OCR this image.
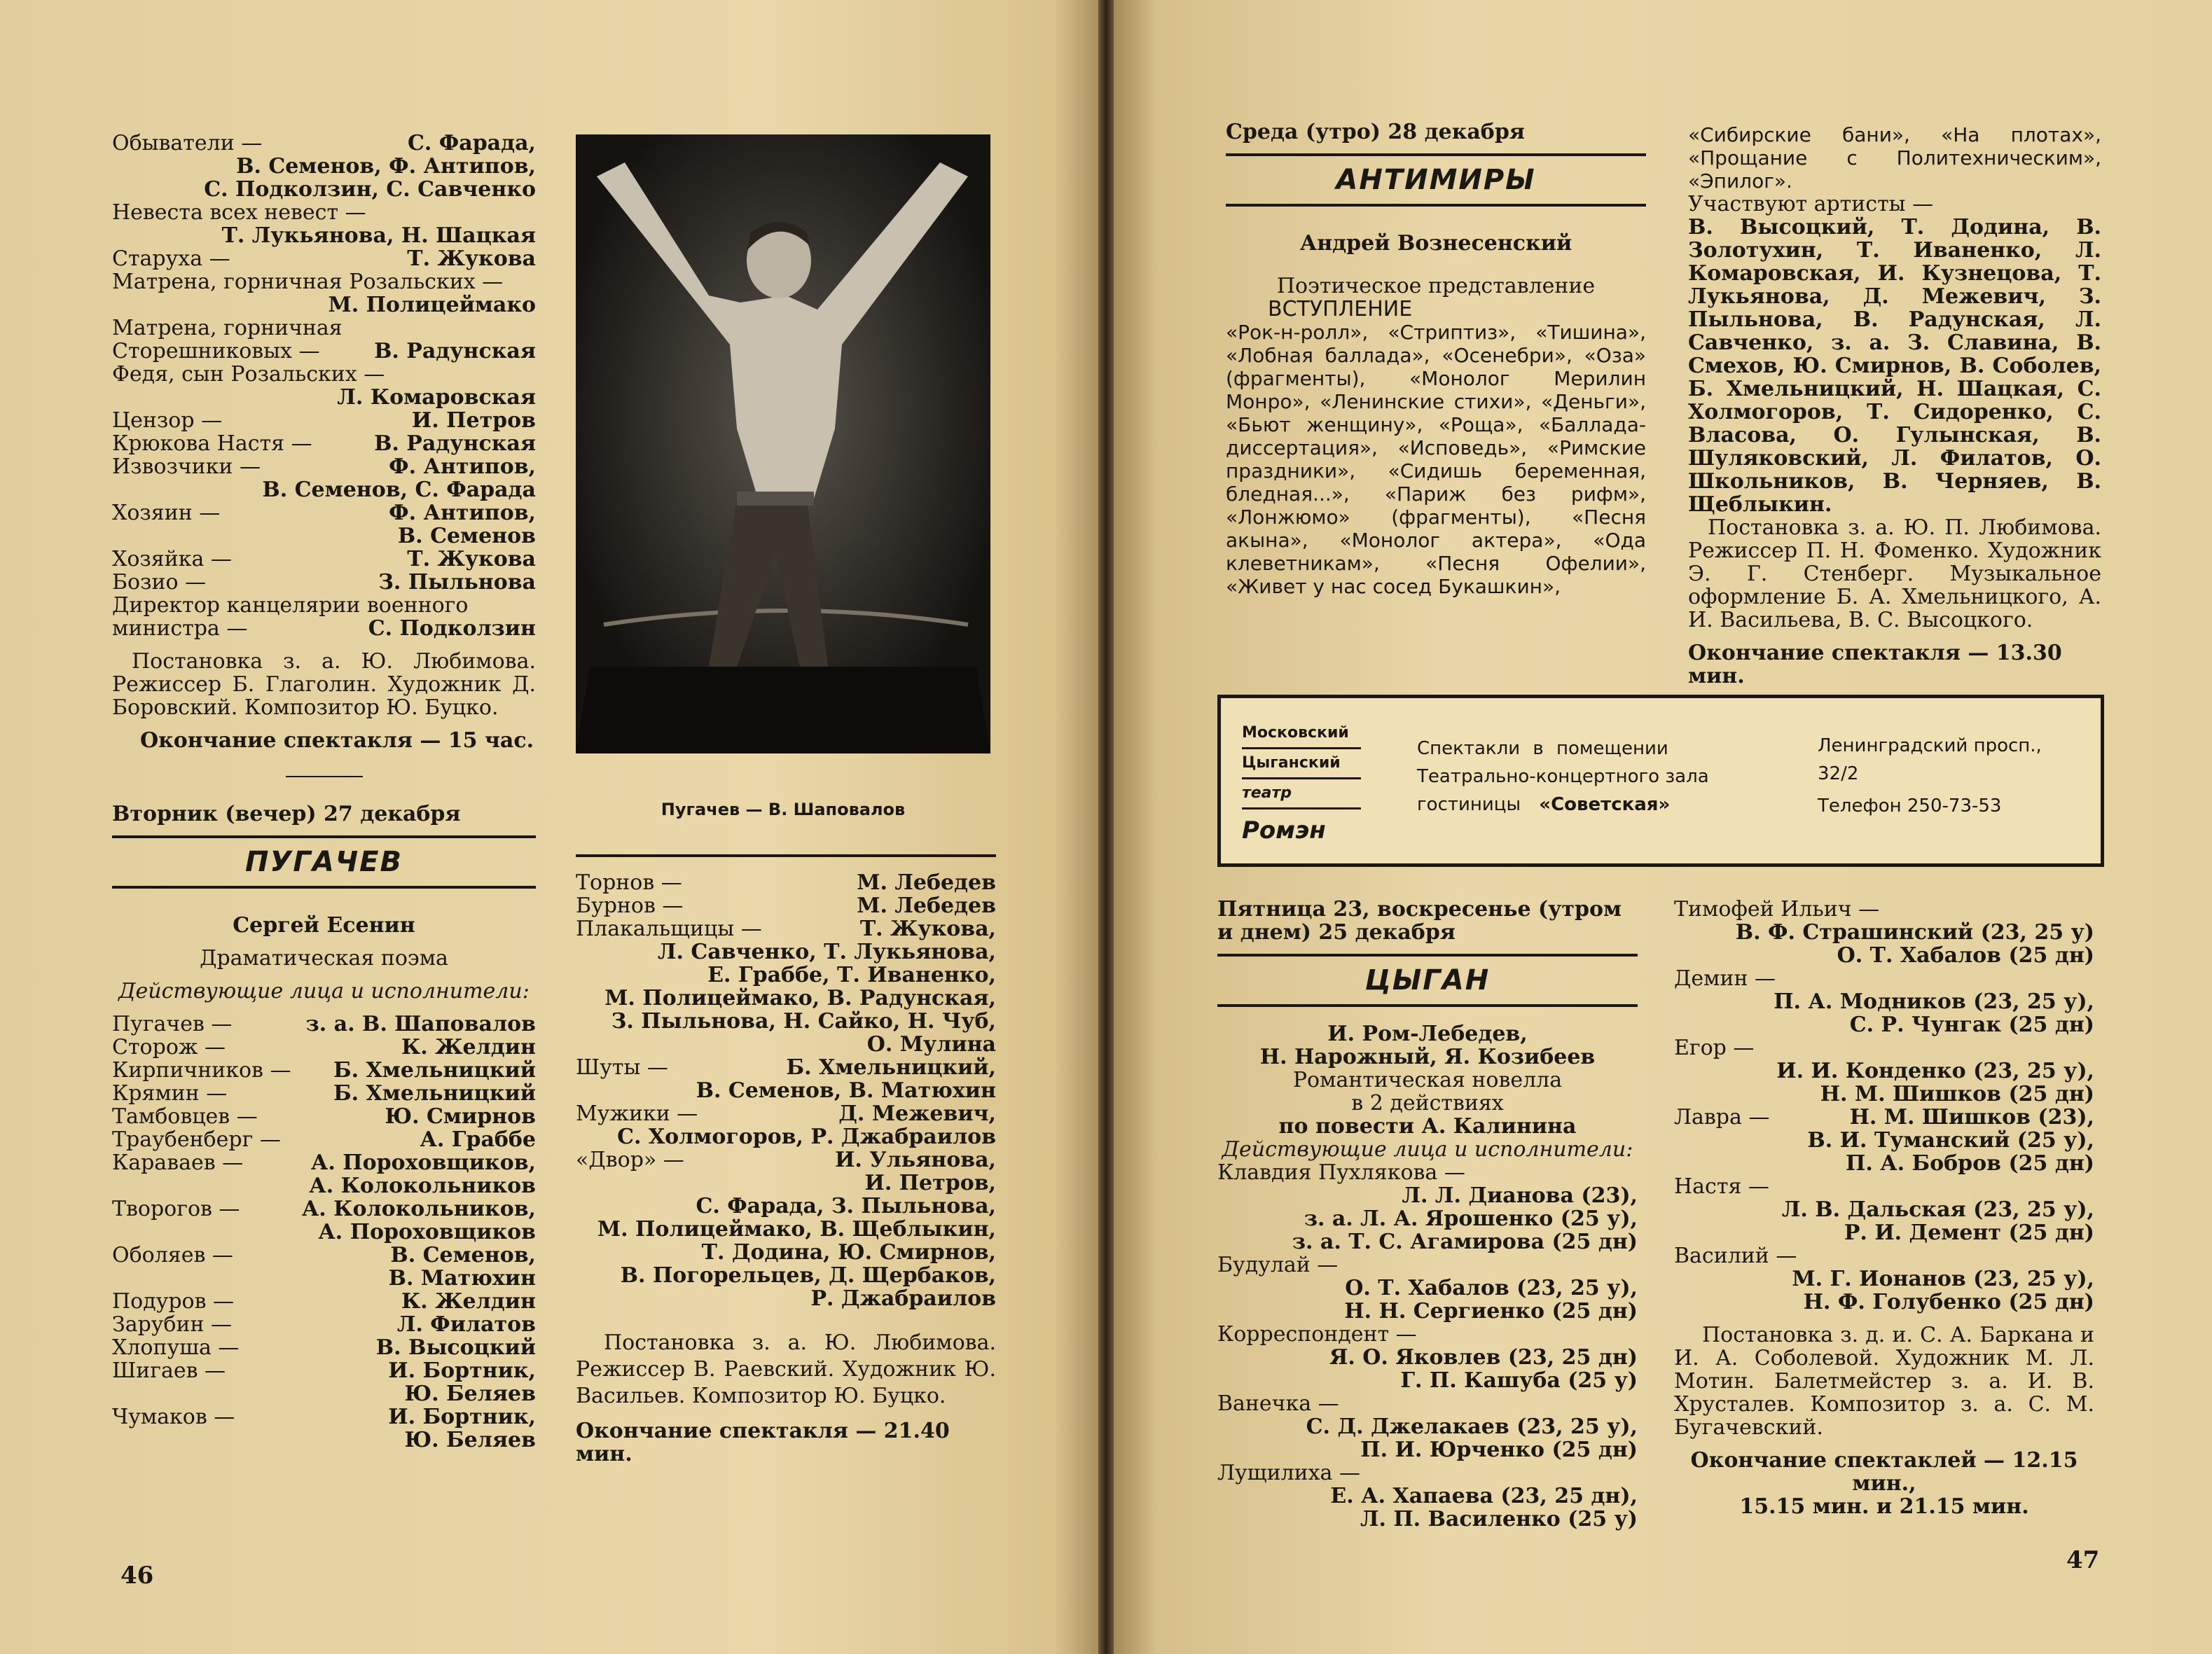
Обыватели —	С. Фарада,
В. Семенов, Ф. Антипов,
С. Подколзин, С. Савченко
Невеста всех невест —
Т. Лукьянова, Н. Шацкая
Старуха —	Т. Жукова
Матрена, горничная Розальских —
М. Полицеймако
Матрена, горничная
Сторешниковых —	В. Радунская
Федя, сын Розальских —
Л. Комаровская
Цензор —	И. Петров
Крюкова Настя —	В. Радунская
Извозчики —	Ф. Антипов,
В. Семенов, С. Фарада
Хозяин —	Ф. Антипов,
В. Семенов
Хозяйка —	Т. Жукова
Бозио —	З. Пыльнова
Директор канцелярии военного
министра —	С. Подколзин
Постановка з. а. Ю. Любимова. Режиссер Б. Глаголин. Художник Д. Боровский. Композитор Ю. Буцко.
Окончание спектакля — 15 час.
Вторник (вечер) 27 декабря
ПУГАЧЕВ
Сергей Есенин
Драматическая поэма
Действующие лица и исполнители:
Пугачев —	з. а. В. Шаповалов
Сторож —	К. Желдин
Кирпичников — Б. Хмельницкий
Крямин —	Б. Хмельницкий
Тамбовцев —	Ю. Смирнов
Траубенберг —	А. Граббе
Караваев —	А. Пороховщиков,
А. Колокольников
Творогов —	А. Колокольников,
А. Пороховщиков
Оболяев —	В. Семенов,
В. Матюхин
Подуров —	К. Желдин
Зарубин —	Л. Филатов
Хлопуша —	В. Высоцкий
Шигаев —	И. Бортник,
Ю. Беляев
Чумаков —	И. Бортник,
Ю. Беляев
Пугачев — В. Шаповалов
Торнов —	М. Лебедев
Бурнов —	М. Лебедев
Плакальщицы —	Т. Жукова,
Л. Савченко, Т. Лукьянова,
Е. Граббе, Т. Иваненко,
М. Полицеймако, В. Радунская,
З. Пыльнова, Н. Сайко, Н. Чуб,
О. Мулина
Шуты —	Б. Хмельницкий,
В. Семенов, В. Матюхин
Мужики —	Д. Межевич,
С. Холмогоров, Р. Джабраилов
«Двор» —	И. Ульянова,
И. Петров,
С. Фарада, З. Пыльнова,
М. Полицеймако, В. Щеблыкин,
Т. Додина, Ю. Смирнов,
В. Погорельцев, Д. Щербаков,
Р. Джабраилов
Постановка з. а. Ю. Любимова. Режиссер В. Раевский. Художник Ю. Васильев. Композитор Ю. Буцко.
Окончание спектакля — 21.40 мин.
46
Среда (утро) 28 декабря
АНТИМИРЫ
Андрей Вознесенский
Поэтическое представление
ВСТУПЛЕНИЕ
«Рок-н-ролл», «Стриптиз», «Тишина», «Лобная баллада», «Осенебри», «Оза» (фрагменты), «Монолог Мерилин Монро», «Ленинские стихи», «Деньги», «Бьют женщину», «Роща», «Баллада-диссертация», «Исповедь», «Римские праздники», «Сидишь беременная, бледная...», «Париж без рифм», «Лонжюмо» (фрагменты), «Песня акына», «Монолог актера», «Ода клеветникам», «Песня Офелии», «Живет у нас сосед Букашкин»,
«Сибирские бани», «На плотах», «Прощание с Политехническим», «Эпилог».
Участвуют артисты —
В. Высоцкий, Т. Додина, В. Золотухин, Т. Иваненко, Л. Комаровская, И. Кузнецова, Т. Лукьянова, Д. Межевич, З. Пыльнова, В. Радунская, Л. Савченко, з. а. З. Славина, В. Смехов, Ю. Смирнов, В. Соболев, Б. Хмельницкий, Н. Шацкая, С. Холмогоров, Т. Сидоренко, С. Власова, О. Гулынская, В. Шуляковский, Л. Филатов, О. Школьников, В. Черняев, В. Щеблыкин.
Постановка з. а. Ю. П. Любимова. Режиссер П. Н. Фоменко. Художник Э. Г. Стенберг. Музыкальное оформление Б. А. Хмельницкого, А. И. Васильева, В. С. Высоцкого.
Окончание спектакля — 13.30 мин.
Московский
Цыганский
театр
Ромэн
Спектакли в помещении
Театрально-концертного зала
гостиницы «Советская»
Ленинградский просп.,
32/2
Телефон 250-73-53
Пятница 23, воскресенье (утром и днем) 25 декабря
ЦЫГАН
И. Ром-Лебедев,
Н. Нарожный, Я. Козибеев
Романтическая новелла
в 2 действиях
по повести А. Калинина
Действующие лица и исполнители:
Клавдия Пухлякова —
Л. Л. Дианова (23),
з. а. Л. А. Ярошенко (25 у),
з. а. Т. С. Агамирова (25 дн)
Будулай —
О. Т. Хабалов (23, 25 у),
Н. Н. Сергиенко (25 дн)
Корреспондент —
Я. О. Яковлев (23, 25 дн)
Г. П. Кашуба (25 у)
Ванечка —
С. Д. Джелакаев (23, 25 у),
П. И. Юрченко (25 дн)
Лущилиха —
Е. А. Хапаева (23, 25 дн),
Л. П. Василенко (25 у)
Тимофей Ильич —
В. Ф. Страшинский (23, 25 у)
О. Т. Хабалов (25 дн)
Демин —
П. А. Модников (23, 25 у),
С. Р. Чунгак (25 дн)
Егор —
И. И. Конденко (23, 25 у),
Н. М. Шишков (25 дн)
Лавра —	Н. М. Шишков (23),
В. И. Туманский (25 у),
П. А. Бобров (25 дн)
Настя —
Л. В. Дальская (23, 25 у),
Р. И. Демент (25 дн)
Василий —
М. Г. Ионанов (23, 25 у),
Н. Ф. Голубенко (25 дн)
Постановка з. д. и. С. А. Баркана и И. А. Соболевой. Художник М. Л. Мотин. Балетмейстер з. а. И. В. Хрусталев. Композитор з. а. С. М. Бугачевский.
Окончание спектаклей — 12.15 мин.,
15.15 мин. и 21.15 мин.
47
